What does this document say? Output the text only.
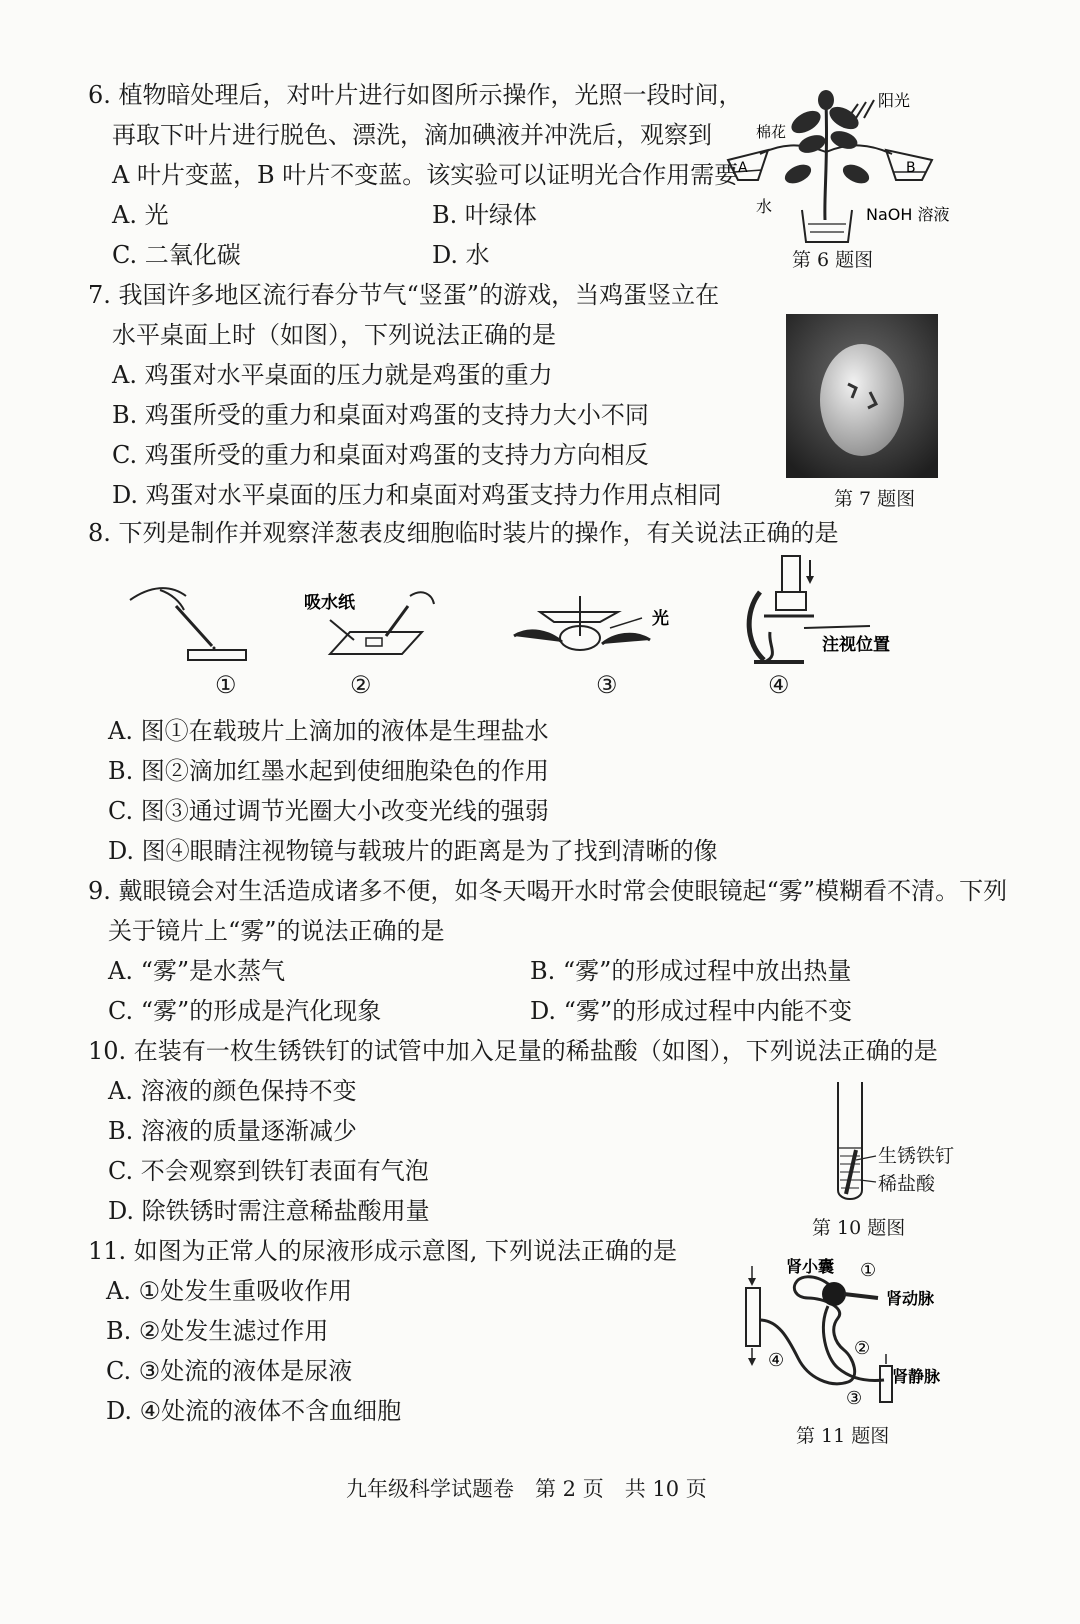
6. 植物暗处理后，对叶片进行如图所示操作，光照一段时间，
再取下叶片进行脱色、漂洗，滴加碘液并冲洗后，观察到
A 叶片变蓝，B 叶片不变蓝。该实验可以证明光合作用需要
A. 光	B. 叶绿体
C. 二氧化碳	D. 水
阳光
A	B
棉花
水	NaOH 溶液
第 6 题图
7. 我国许多地区流行春分节气“竖蛋”的游戏，当鸡蛋竖立在
水平桌面上时（如图），下列说法正确的是
A. 鸡蛋对水平桌面的压力就是鸡蛋的重力
B. 鸡蛋所受的重力和桌面对鸡蛋的支持力大小不同
C. 鸡蛋所受的重力和桌面对鸡蛋的支持力方向相反
D. 鸡蛋对水平桌面的压力和桌面对鸡蛋支持力作用点相同	第 7 题图
8. 下列是制作并观察洋葱表皮细胞临时装片的操作，有关说法正确的是
吸水纸
光
注视位置
①	②	③	④
A. 图①在载玻片上滴加的液体是生理盐水
B. 图②滴加红墨水起到使细胞染色的作用
C. 图③通过调节光圈大小改变光线的强弱
D. 图④眼睛注视物镜与载玻片的距离是为了找到清晰的像
9. 戴眼镜会对生活造成诸多不便，如冬天喝开水时常会使眼镜起“雾”模糊看不清。下列
关于镜片上“雾”的说法正确的是
A. “雾”是水蒸气	B. “雾”的形成过程中放出热量
C. “雾”的形成是汽化现象	D. “雾”的形成过程中内能不变
10. 在装有一枚生锈铁钉的试管中加入足量的稀盐酸（如图），下列说法正确的是
A. 溶液的颜色保持不变
B. 溶液的质量逐渐减少
C. 不会观察到铁钉表面有气泡
D. 除铁锈时需注意稀盐酸用量
生锈铁钉
稀盐酸
第 10 题图
11. 如图为正常人的尿液形成示意图, 下列说法正确的是
A. ①处发生重吸收作用
B. ②处发生滤过作用
C. ③处流的液体是尿液
D. ④处流的液体不含血细胞
肾小囊 ①
肾动脉
②
肾静脉
③
④
第 11 题图
九年级科学试题卷　第 2 页　共 10 页
